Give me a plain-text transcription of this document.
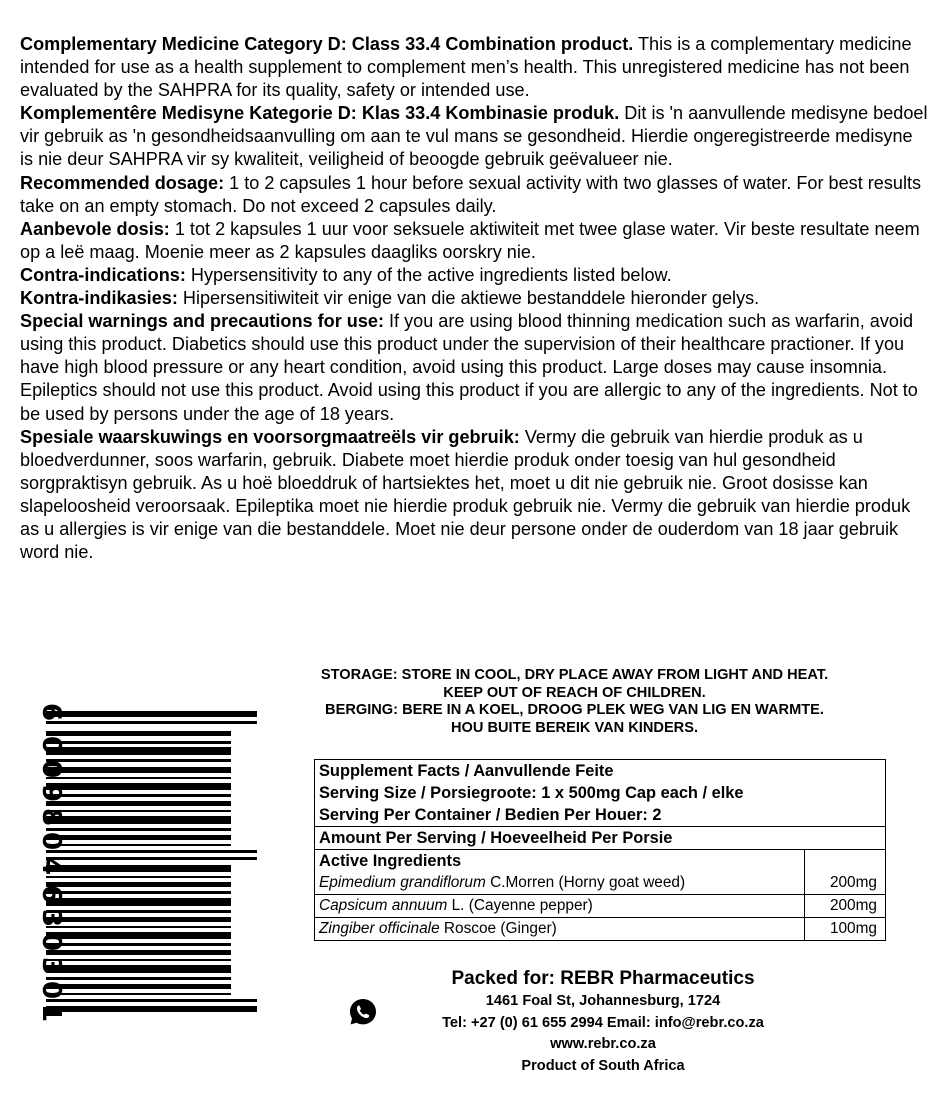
Complementary Medicine Category D: Class 33.4 Combination product. This is a complementary medicine intended for use as a health supplement to complement men’s health. This unregistered medicine has not been evaluated by the SAHPRA for its quality, safety or intended use.

Komplementêre Medisyne Kategorie D: Klas 33.4 Kombinasie produk. Dit is 'n aanvullende medisyne bedoel vir gebruik as 'n gesondheidsaanvulling om aan te vul mans se gesondheid. Hierdie ongeregistreerde medisyne is nie deur SAHPRA vir sy kwaliteit, veiligheid of beoogde gebruik geëvalueer nie.

Recommended dosage: 1 to 2 capsules 1 hour before sexual activity with two glasses of water. For best results take on an empty stomach. Do not exceed 2 capsules daily.

Aanbevole dosis: 1 tot 2 kapsules 1 uur voor seksuele aktiwiteit met twee glase water. Vir beste resultate neem op a leë maag. Moenie meer as 2 kapsules daagliks oorskry nie.

Contra-indications: Hypersensitivity to any of the active ingredients listed below.

Kontra-indikasies: Hipersensitiwiteit vir enige van die aktiewe bestanddele hieronder gelys.

Special warnings and precautions for use: If you are using blood thinning medication such as warfarin, avoid using this product. Diabetics should use this product under the supervision of their healthcare practioner. If you have high blood pressure or any heart condition, avoid using this product. Large doses may cause insomnia. Epileptics should not use this product. Avoid using this product if you are allergic to any of the ingredients. Not to be used by persons under the age of 18 years.

Spesiale waarskuwings en voorsorgmaatreëls vir gebruik: Vermy die gebruik van hierdie produk as u bloedverdunner, soos warfarin, gebruik. Diabete moet hierdie produk onder toesig van hul gesondheid sorgpraktisyn gebruik. As u hoë bloeddruk of hartsiektes het, moet u dit nie gebruik nie. Groot dosisse kan slapeloosheid veroorsaak. Epileptika moet nie hierdie produk gebruik nie. Vermy die gebruik van hierdie produk as u allergies is vir enige van die bestanddele. Moet nie deur persone onder de ouderdom van 18 jaar gebruik word nie.

6
0
0
9
8
0
4
6
3
0
3
0
1
STORAGE: STORE IN COOL, DRY PLACE AWAY FROM LIGHT AND HEAT.
KEEP OUT OF REACH OF CHILDREN.
BERGING: BERE IN A KOEL, DROOG PLEK WEG VAN LIG EN WARMTE.
HOU BUITE BEREIK VAN KINDERS.
Supplement Facts / Aanvullende Feite
Serving Size / Porsiegroote: 1 x 500mg Cap each / elke
Serving Per Container / Bedien Per Houer: 2
Amount Per Serving / Hoeveelheid Per Porsie
Active Ingredients
Epimedium grandiflorum C.Morren (Horny goat weed)	200mg
Capsicum annuum L. (Cayenne pepper)	200mg
Zingiber officinale Roscoe (Ginger)	100mg
Packed for: REBR Pharmaceutics
1461 Foal St, Johannesburg, 1724
Tel: +27 (0) 61 655 2994 Email: info@rebr.co.za
www.rebr.co.za
Product of South Africa
